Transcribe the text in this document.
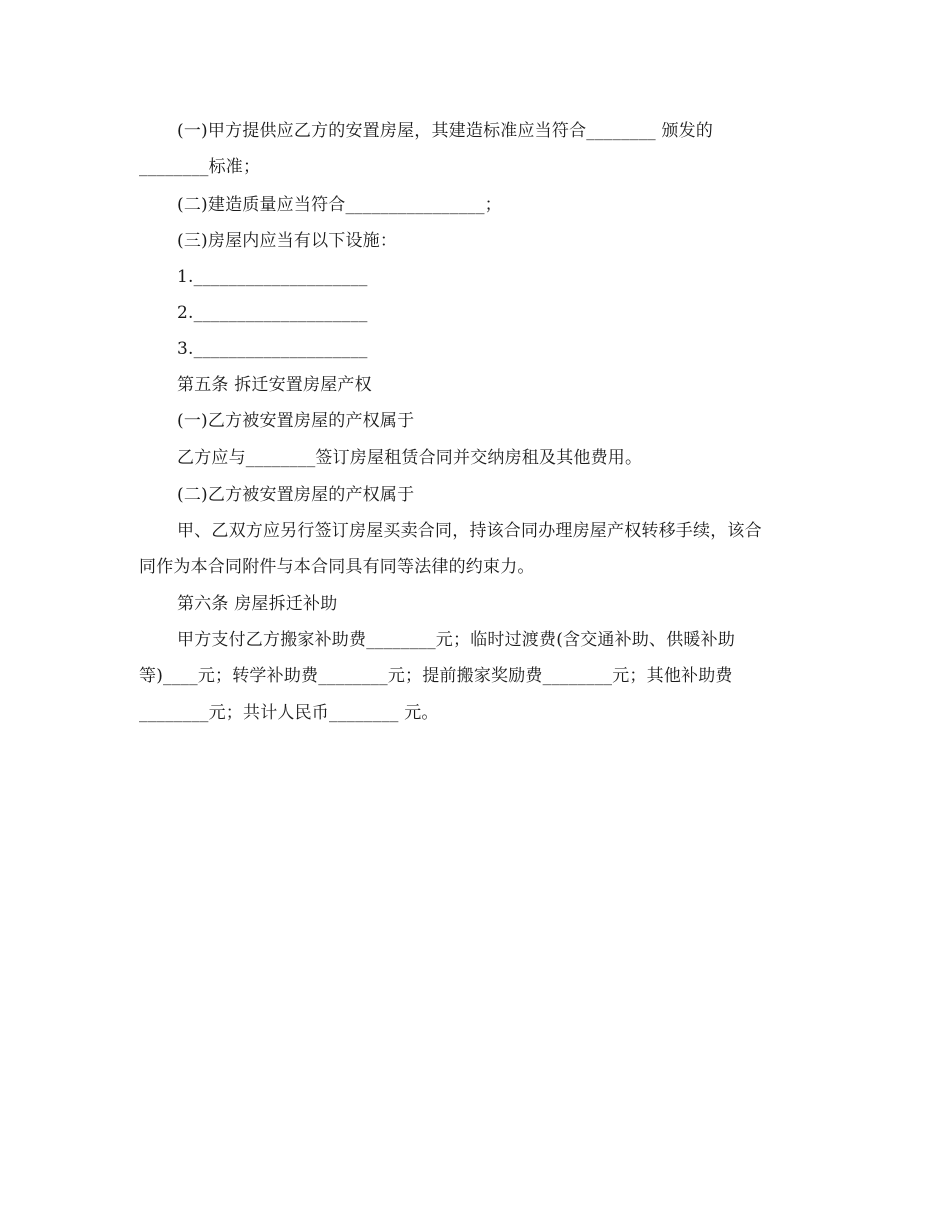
(一)甲方提供应乙方的安置房屋，其建造标准应当符合________ 颁发的
________标准；
(二)建造质量应当符合________________；
(三)房屋内应当有以下设施：
1.____________________
2.____________________
3.____________________
第五条 拆迁安置房屋产权
(一)乙方被安置房屋的产权属于
乙方应与________签订房屋租赁合同并交纳房租及其他费用。
(二)乙方被安置房屋的产权属于
甲、乙双方应另行签订房屋买卖合同，持该合同办理房屋产权转移手续，该合
同作为本合同附件与本合同具有同等法律的约束力。
第六条 房屋拆迁补助
甲方支付乙方搬家补助费________元；临时过渡费(含交通补助、供暖补助
等)____元；转学补助费________元；提前搬家奖励费________元；其他补助费
________元；共计人民币________ 元。
